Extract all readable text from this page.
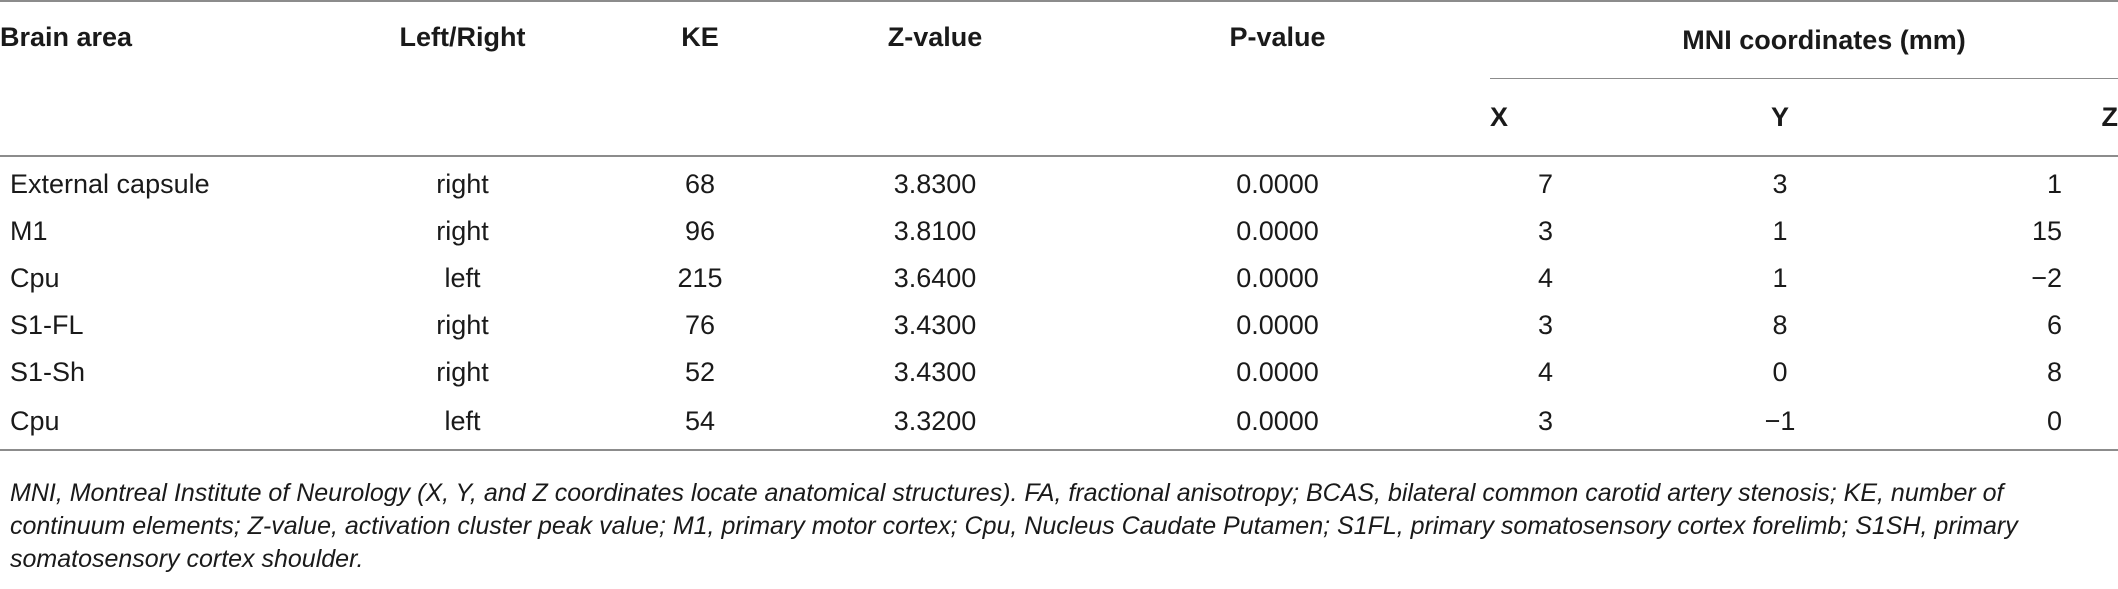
Brain area	Left/Right	KE	Z-value	P-value	MNI coordinates (mm)		
					X	Y	Z
External capsule	right	68	3.8300	0.0000	7	3	1
M1	right	96	3.8100	0.0000	3	1	15
Cpu	left	215	3.6400	0.0000	4	1	−2
S1-FL	right	76	3.4300	0.0000	3	8	6
S1-Sh	right	52	3.4300	0.0000	4	0	8
Cpu	left	54	3.3200	0.0000	3	−1	0
MNI, Montreal Institute of Neurology (X, Y, and Z coordinates locate anatomical structures). FA, fractional anisotropy; BCAS, bilateral common carotid artery stenosis; KE, number of continuum elements; Z-value, activation cluster peak value; M1, primary motor cortex; Cpu, Nucleus Caudate Putamen; S1FL, primary somatosensory cortex forelimb; S1SH, primary somatosensory cortex shoulder.
